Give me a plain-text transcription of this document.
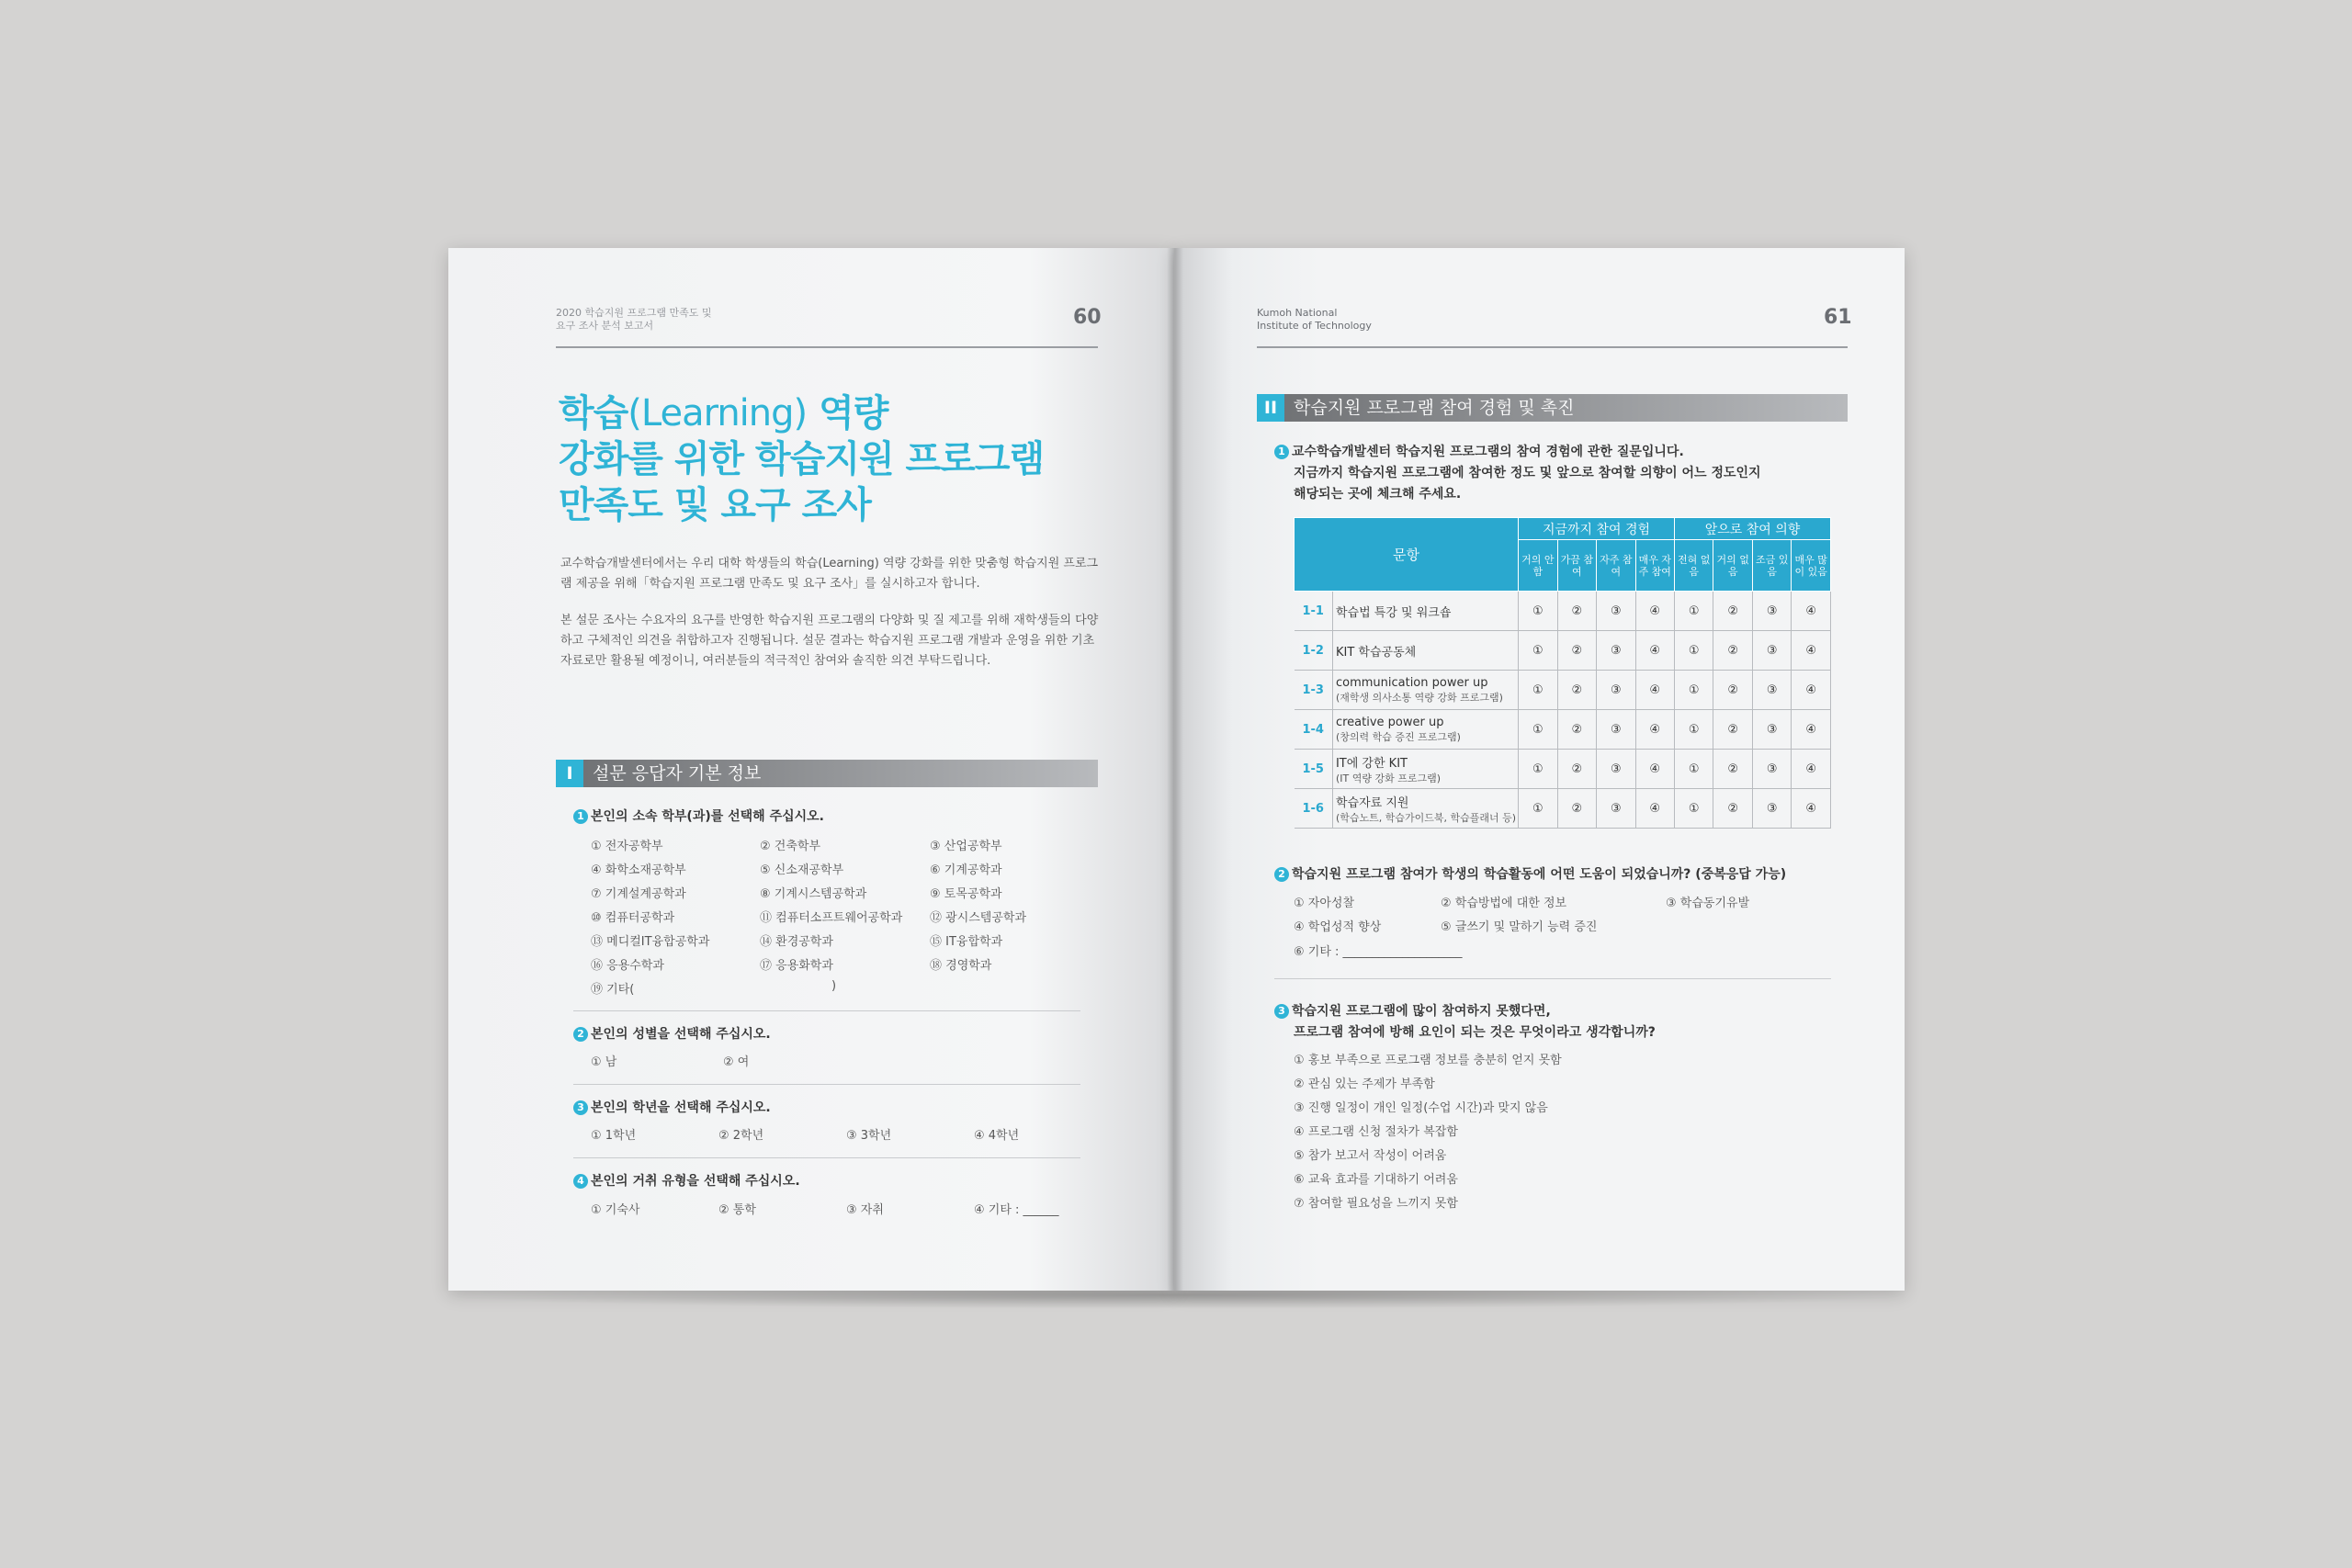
2020 학습지원 프로그램 만족도 및
요구 조사 분석 보고서	60
학습(Learning) 역량
강화를 위한 학습지원 프로그램
만족도 및 요구 조사
교수학습개발센터에서는 우리 대학 학생들의 학습(Learning) 역량 강화를 위한 맞춤형 학습지원 프로그램 제공을 위해「학습지원 프로그램 만족도 및 요구 조사」를 실시하고자 합니다.
본 설문 조사는 수요자의 요구를 반영한 학습지원 프로그램의 다양화 및 질 제고를 위해 재학생들의 다양하고 구체적인 의견을 취합하고자 진행됩니다. 설문 결과는 학습지원 프로그램 개발과 운영을 위한 기초 자료로만 활용될 예정이니, 여러분들의 적극적인 참여와 솔직한 의견 부탁드립니다.
I 설문 응답자 기본 정보
1 본인의 소속 학부(과)를 선택해 주십시오.
① 전자공학부	② 건축학부	③ 산업공학부
④ 화학소재공학부	⑤ 신소재공학부	⑥ 기계공학과
⑦ 기계설계공학과	⑧ 기계시스템공학과	⑨ 토목공학과
⑩ 컴퓨터공학과	⑪ 컴퓨터소프트웨어공학과 ⑫ 광시스템공학과
⑬ 메디컬IT융합공학과	⑭ 환경공학과	⑮ IT융합학과
⑯ 응용수학과	⑰ 응용화학과	⑱ 경영학과
⑲ 기타(	)
2 본인의 성별을 선택해 주십시오.
① 남	② 여
3 본인의 학년을 선택해 주십시오.
① 1학년	② 2학년	③ 3학년	④ 4학년
4 본인의 거취 유형을 선택해 주십시오.
① 기숙사	② 통학	③ 자취	④ 기타 : ______
Kumoh National
Institute of Technology	61
II 학습지원 프로그램 참여 경험 및 촉진
1 교수학습개발센터 학습지원 프로그램의 참여 경험에 관한 질문입니다.
지금까지 학습지원 프로그램에 참여한 정도 및 앞으로 참여할 의향이 어느 정도인지
해당되는 곳에 체크해 주세요.
문항		지금까지 참여 경험				앞으로 참여 의향			
		거의 안함	가끔 참여	자주 참여	매우 자주 참여	전혀 없음	거의 없음	조금 있음	매우 많이 있음
1-1	학습법 특강 및 워크숍	①	②	③	④	①	②	③	④
1-2	KIT 학습공동체	①	②	③	④	①	②	③	④
1-3	communication power up
(재학생 의사소통 역량 강화 프로그램)	①	②	③	④	①	②	③	④
1-4	creative power up
(창의력 학습 증진 프로그램)	①	②	③	④	①	②	③	④
1-5	IT에 강한 KIT
(IT 역량 강화 프로그램)	①	②	③	④	①	②	③	④
1-6	학습자료 지원
(학습노트, 학습가이드북, 학습플래너 등)	①	②	③	④	①	②	③	④
2 학습지원 프로그램 참여가 학생의 학습활동에 어떤 도움이 되었습니까? (중복응답 가능)
① 자아성찰	② 학습방법에 대한 정보	③ 학습동기유발
④ 학업성적 향상	⑤ 글쓰기 및 말하기 능력 증진
⑥ 기타 : ____________________
3 학습지원 프로그램에 많이 참여하지 못했다면,
프로그램 참여에 방해 요인이 되는 것은 무엇이라고 생각합니까?
① 홍보 부족으로 프로그램 정보를 충분히 얻지 못함
② 관심 있는 주제가 부족함
③ 진행 일정이 개인 일정(수업 시간)과 맞지 않음
④ 프로그램 신청 절차가 복잡함
⑤ 참가 보고서 작성이 어려움
⑥ 교육 효과를 기대하기 어려움
⑦ 참여할 필요성을 느끼지 못함
